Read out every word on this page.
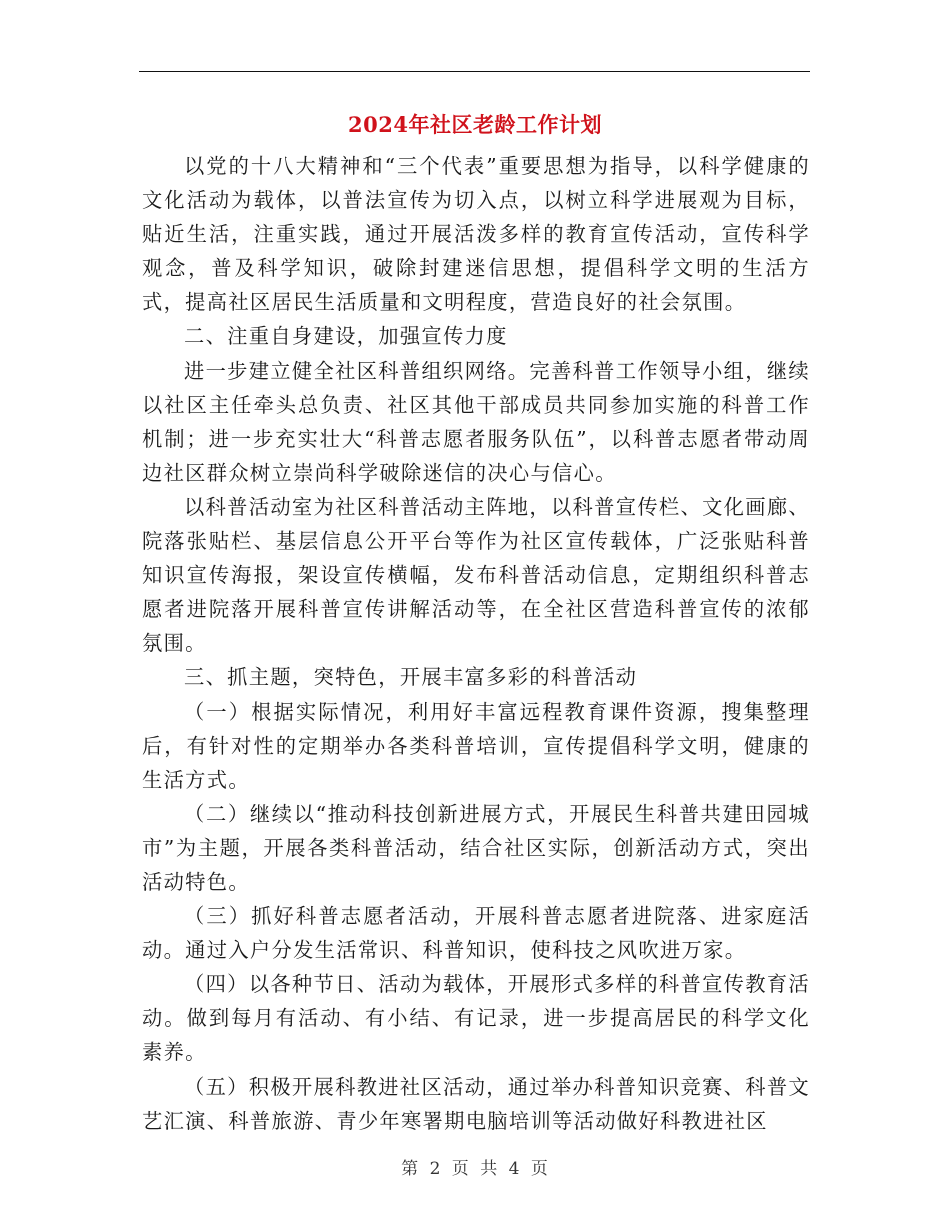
2024年社区老龄工作计划

以党的十八大精神和“三个代表”重要思想为指导，以科学健康的文化活动为载体，以普法宣传为切入点，以树立科学进展观为目标，贴近生活，注重实践，通过开展活泼多样的教育宣传活动，宣传科学观念，普及科学知识，破除封建迷信思想，提倡科学文明的生活方式，提高社区居民生活质量和文明程度，营造良好的社会氛围。

二、注重自身建设，加强宣传力度

进一步建立健全社区科普组织网络。完善科普工作领导小组，继续以社区主任牵头总负责、社区其他干部成员共同参加实施的科普工作机制；进一步充实壮大“科普志愿者服务队伍”，以科普志愿者带动周边社区群众树立崇尚科学破除迷信的决心与信心。

以科普活动室为社区科普活动主阵地，以科普宣传栏、文化画廊、院落张贴栏、基层信息公开平台等作为社区宣传载体，广泛张贴科普知识宣传海报，架设宣传横幅，发布科普活动信息，定期组织科普志愿者进院落开展科普宣传讲解活动等，在全社区营造科普宣传的浓郁氛围。

三、抓主题，突特色，开展丰富多彩的科普活动

（一）根据实际情况，利用好丰富远程教育课件资源，搜集整理后，有针对性的定期举办各类科普培训，宣传提倡科学文明，健康的生活方式。

（二）继续以“推动科技创新进展方式，开展民生科普共建田园城市”为主题，开展各类科普活动，结合社区实际，创新活动方式，突出活动特色。

（三）抓好科普志愿者活动，开展科普志愿者进院落、进家庭活动。通过入户分发生活常识、科普知识，使科技之风吹进万家。

（四）以各种节日、活动为载体，开展形式多样的科普宣传教育活动。做到每月有活动、有小结、有记录，进一步提高居民的科学文化素养。

（五）积极开展科教进社区活动，通过举办科普知识竞赛、科普文艺汇演、科普旅游、青少年寒署期电脑培训等活动做好科教进社区

第 2 页 共 4 页
